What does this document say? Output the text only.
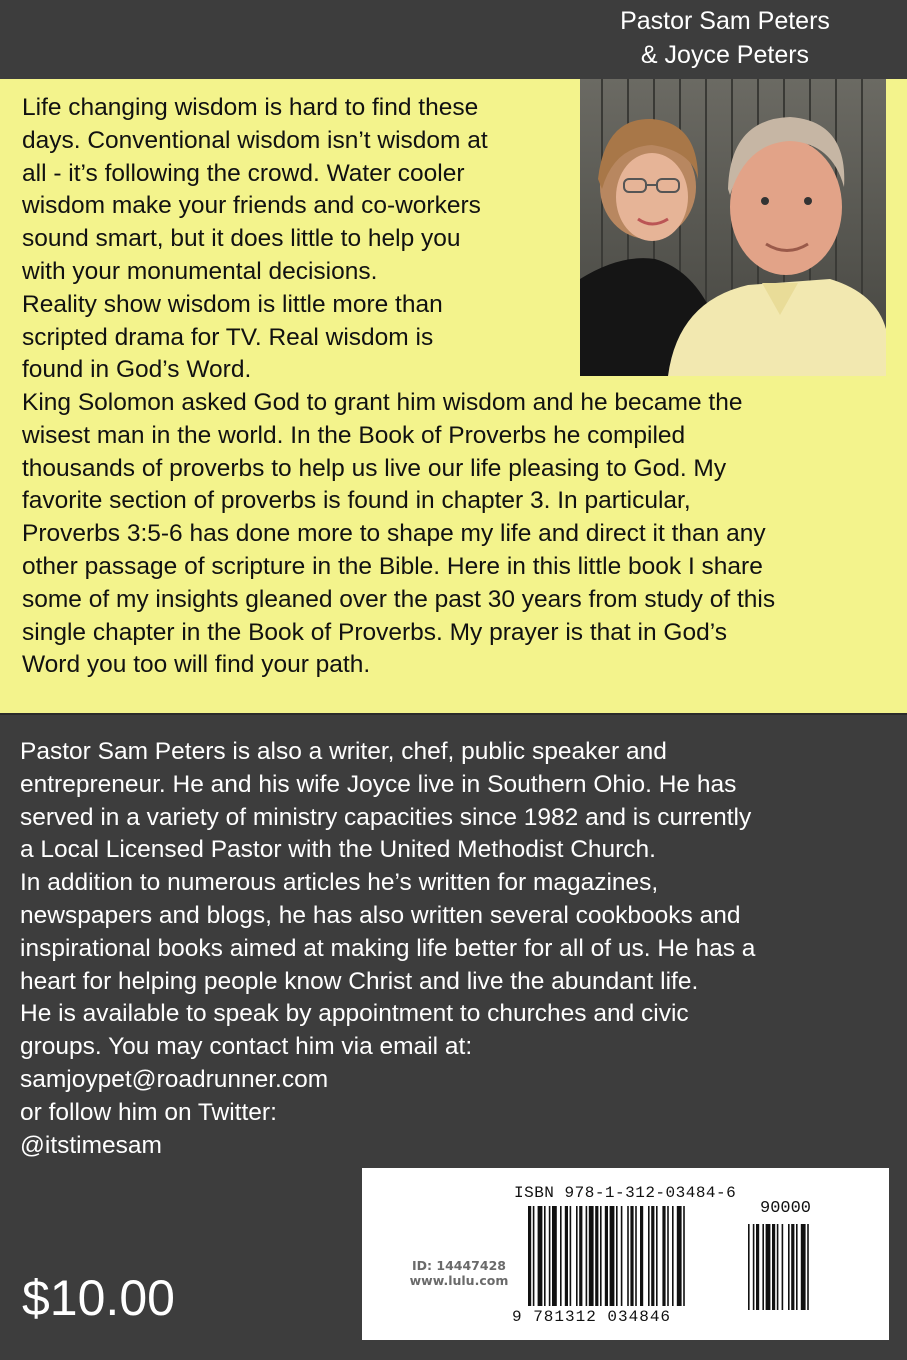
Pastor Sam Peters
& Joyce Peters
Life changing wisdom is hard to find these
days. Conventional wisdom isn’t wisdom at
all - it’s following the crowd. Water cooler
wisdom make your friends and co-workers
sound smart, but it does little to help you
with your monumental decisions.
Reality show wisdom is little more than
scripted drama for TV. Real wisdom is
found in God’s Word.
King Solomon asked God to grant him wisdom and he became the
wisest man in the world. In the Book of Proverbs he compiled
thousands of proverbs to help us live our life pleasing to God. My
favorite section of proverbs is found in chapter 3. In particular,
Proverbs 3:5-6 has done more to shape my life and direct it than any
other passage of scripture in the Bible. Here in this little book I share
some of my insights gleaned over the past 30 years from study of this
single chapter in the Book of Proverbs. My prayer is that in God’s
Word you too will find your path.
Pastor Sam Peters is also a writer, chef, public speaker and
entrepreneur. He and his wife Joyce live in Southern Ohio. He has
served in a variety of ministry capacities since 1982 and is currently
a Local Licensed Pastor with the United Methodist Church.
In addition to numerous articles he’s written for magazines,
newspapers and blogs, he has also written several cookbooks and
inspirational books aimed at making life better for all of us. He has a
heart for helping people know Christ and live the abundant life.
He is available to speak by appointment to churches and civic
groups. You may contact him via email at:
samjoypet@roadrunner.com
or follow him on Twitter:
@itstimesam
$10.00
ISBN 978-1-312-03484-6
90000
ID: 14447428
www.lulu.com
9 781312 034846
